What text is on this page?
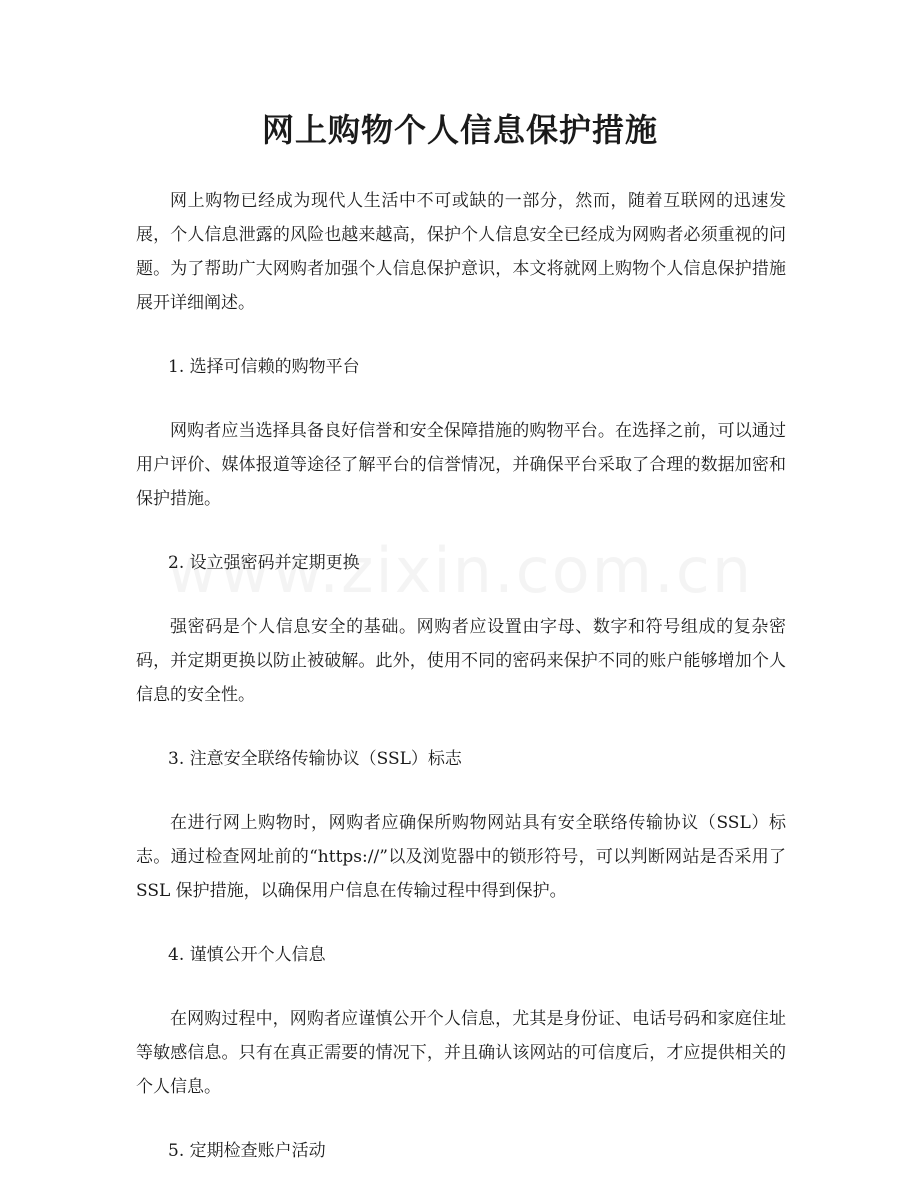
网上购物个人信息保护措施

网上购物已经成为现代人生活中不可或缺的一部分，然而，随着互联网的迅速发展，个人信息泄露的风险也越来越高，保护个人信息安全已经成为网购者必须重视的问题。为了帮助广大网购者加强个人信息保护意识，本文将就网上购物个人信息保护措施展开详细阐述。

1. 选择可信赖的购物平台

网购者应当选择具备良好信誉和安全保障措施的购物平台。在选择之前，可以通过用户评价、媒体报道等途径了解平台的信誉情况，并确保平台采取了合理的数据加密和保护措施。

2. 设立强密码并定期更换

强密码是个人信息安全的基础。网购者应设置由字母、数字和符号组成的复杂密码，并定期更换以防止被破解。此外，使用不同的密码来保护不同的账户能够增加个人信息的安全性。

3. 注意安全联络传输协议（SSL）标志

在进行网上购物时，网购者应确保所购物网站具有安全联络传输协议（SSL）标志。通过检查网址前的“https://”以及浏览器中的锁形符号，可以判断网站是否采用了 SSL 保护措施，以确保用户信息在传输过程中得到保护。

4. 谨慎公开个人信息

在网购过程中，网购者应谨慎公开个人信息，尤其是身份证、电话号码和家庭住址等敏感信息。只有在真正需要的情况下，并且确认该网站的可信度后，才应提供相关的个人信息。

5. 定期检查账户活动
